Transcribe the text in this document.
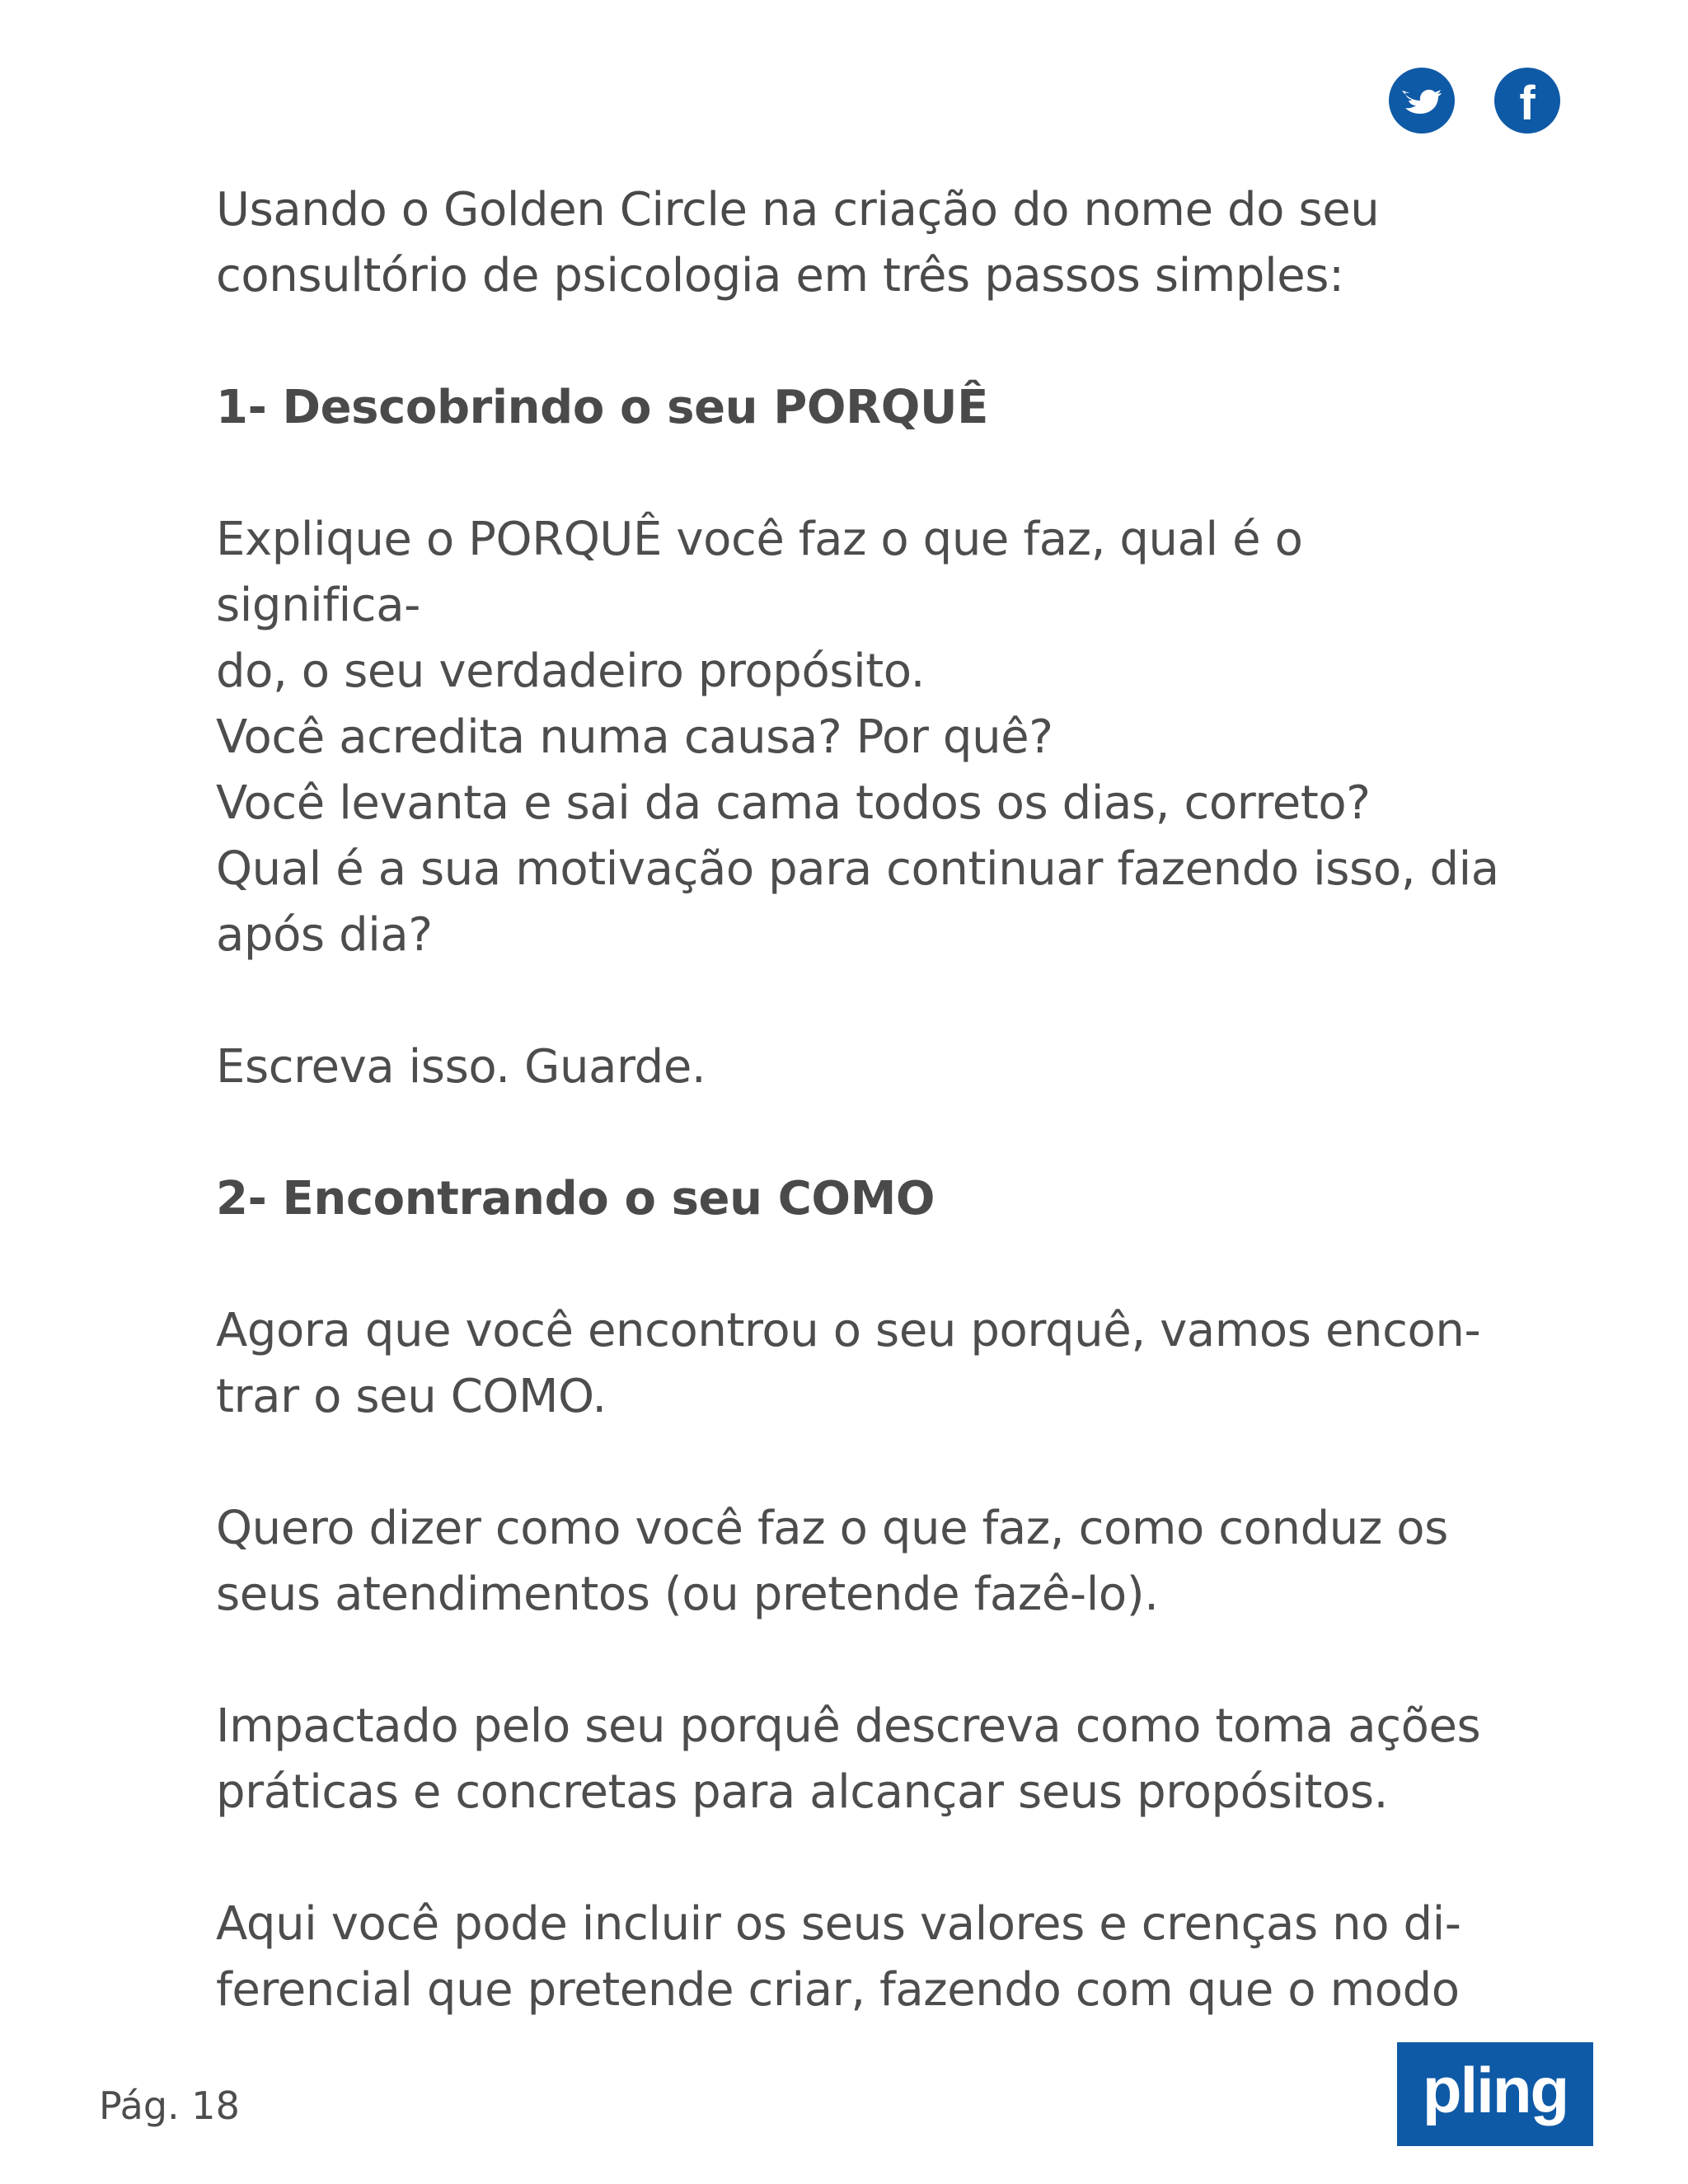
f

Usando o Golden Circle na criação do nome do seu
consultório de psicologia em três passos simples:

1- Descobrindo o seu PORQUÊ

Explique o PORQUÊ você faz o que faz, qual é o significa-
do, o seu verdadeiro propósito.
Você acredita numa causa? Por quê?
Você levanta e sai da cama todos os dias, correto?
Qual é a sua motivação para continuar fazendo isso, dia
após dia?

Escreva isso. Guarde.

2- Encontrando o seu COMO

Agora que você encontrou o seu porquê, vamos encon-
trar o seu COMO.

Quero dizer como você faz o que faz, como conduz os
seus atendimentos (ou pretende fazê-lo).

Impactado pelo seu porquê descreva como toma ações
práticas e concretas para alcançar seus propósitos.

Aqui você pode incluir os seus valores e crenças no di-
ferencial que pretende criar, fazendo com que o modo

Pág. 18	pling
